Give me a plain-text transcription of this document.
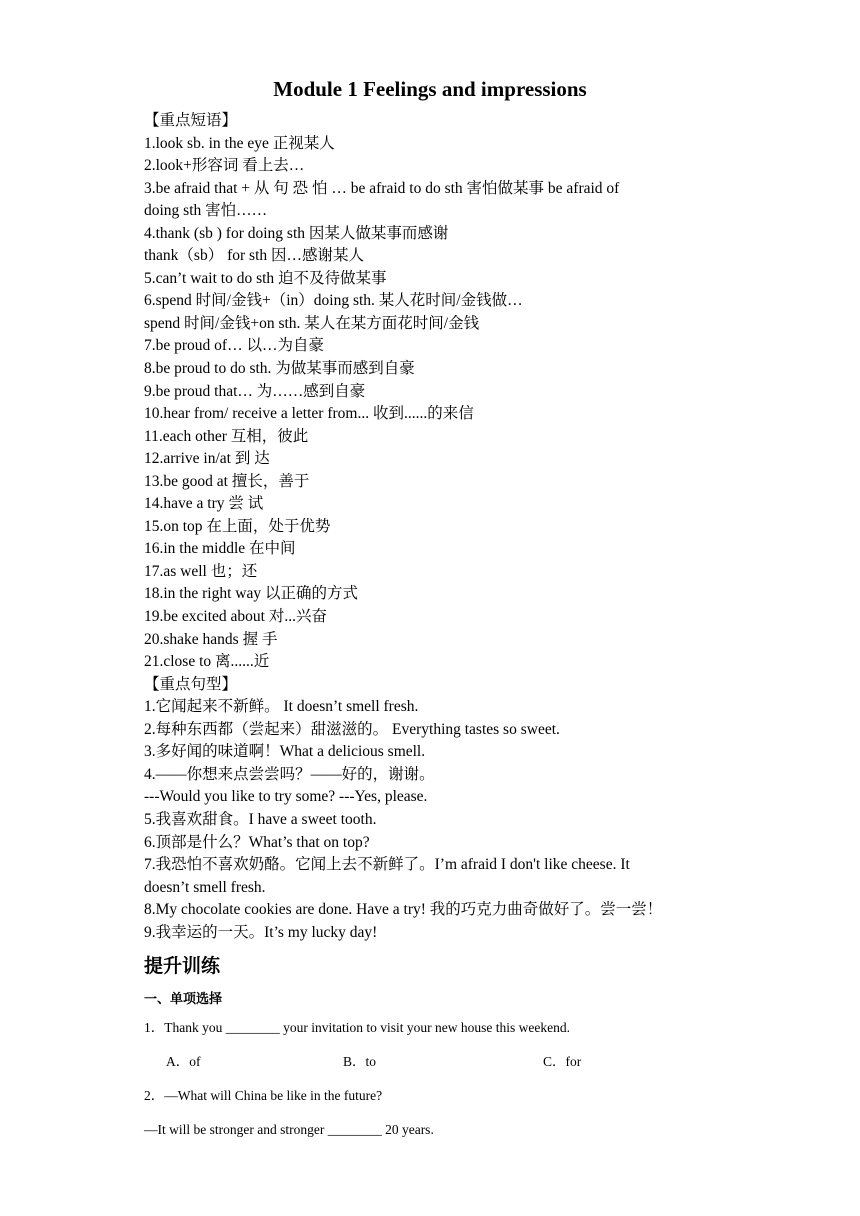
Module 1 Feelings and impressions
【重点短语】
1.look sb. in the eye 正视某人
2.look+形容词 看上去…
3.be afraid that + 从 句 恐 怕 … be afraid to do sth 害怕做某事 be afraid of
doing sth 害怕……
4.thank (sb ) for doing sth 因某人做某事而感谢
thank（sb） for sth 因…感谢某人
5.can’t wait to do sth 迫不及待做某事
6.spend 时间/金钱+（in）doing sth. 某人花时间/金钱做…
spend 时间/金钱+on sth. 某人在某方面花时间/金钱
7.be proud of… 以…为自豪
8.be proud to do sth. 为做某事而感到自豪
9.be proud that… 为……感到自豪
10.hear from/ receive a letter from... 收到......的来信
11.each other 互相，彼此
12.arrive in/at 到 达
13.be good at 擅长，善于
14.have a try 尝 试
15.on top 在上面，处于优势
16.in the middle 在中间
17.as well 也；还
18.in the right way 以正确的方式
19.be excited about 对...兴奋
20.shake hands 握 手
21.close to 离......近
【重点句型】
1.它闻起来不新鲜。 It doesn’t smell fresh.
2.每种东西都（尝起来）甜滋滋的。 Everything tastes so sweet.
3.多好闻的味道啊！What a delicious smell.
4.——你想来点尝尝吗？——好的，谢谢。
---Would you like to try some? ---Yes, please.
5.我喜欢甜食。I have a sweet tooth.
6.顶部是什么？What’s that on top?
7.我恐怕不喜欢奶酪。它闻上去不新鲜了。I’m afraid I don't like cheese. It
doesn’t smell fresh.
8.My chocolate cookies are done. Have a try! 我的巧克力曲奇做好了。尝一尝！
9.我幸运的一天。It’s my lucky day!
提升训练
一、单项选择
1．Thank you ________ your invitation to visit your new house this weekend.
A．of	B．to	C．for
2．—What will China be like in the future?
—It will be stronger and stronger ________ 20 years.
